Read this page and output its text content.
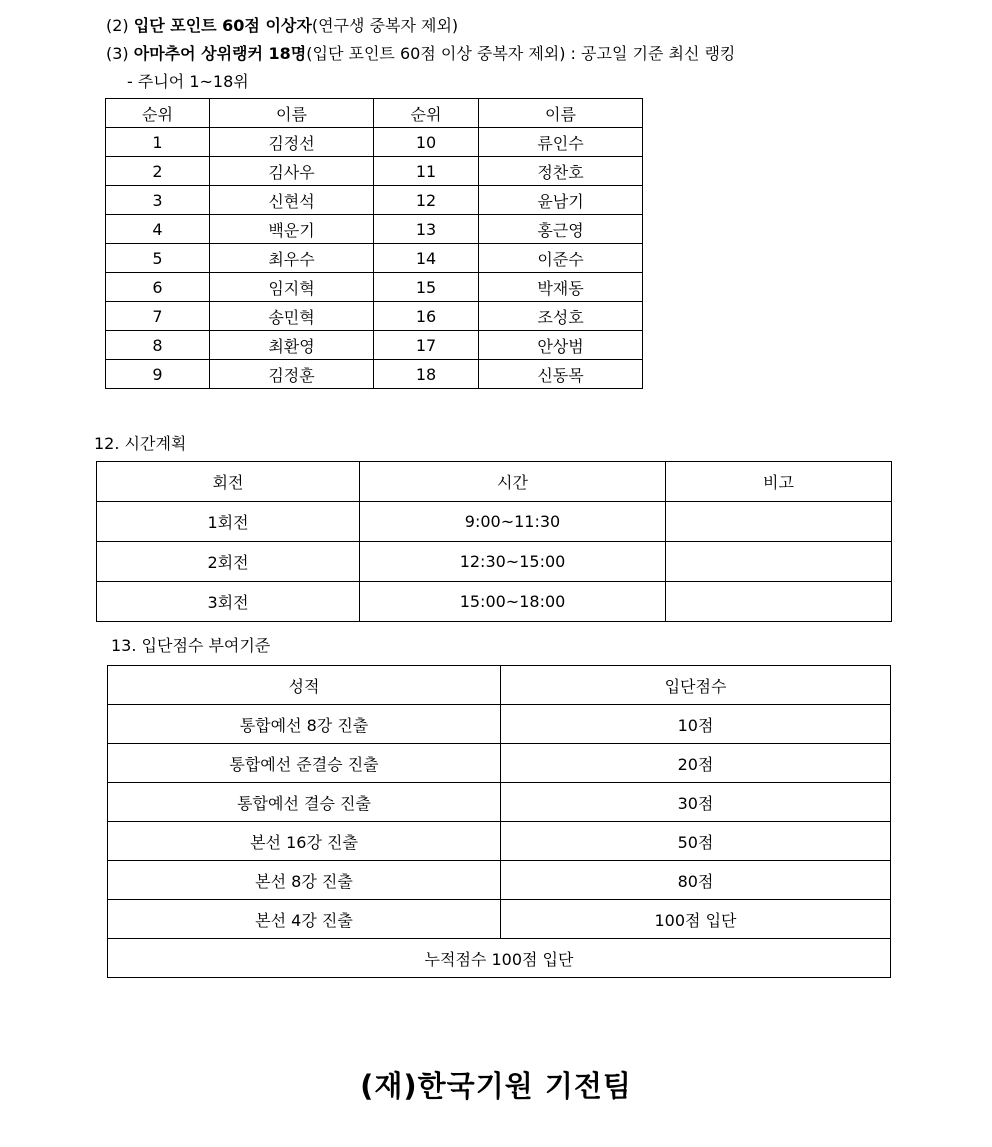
(2) 입단 포인트 60점 이상자(연구생 중복자 제외)
(3) 아마추어 상위랭커 18명(입단 포인트 60점 이상 중복자 제외) : 공고일 기준 최신 랭킹
- 주니어 1~18위
순위	이름	순위	이름
1	김정선	10	류인수
2	김사우	11	정찬호
3	신현석	12	윤남기
4	백운기	13	홍근영
5	최우수	14	이준수
6	임지혁	15	박재동
7	송민혁	16	조성호
8	최환영	17	안상범
9	김정훈	18	신동목
12. 시간계획
회전	시간	비고
1회전	9:00~11:30	
2회전	12:30~15:00	
3회전	15:00~18:00	
13. 입단점수 부여기준
성적	입단점수
통합예선 8강 진출	10점
통합예선 준결승 진출	20점
통합예선 결승 진출	30점
본선 16강 진출	50점
본선 8강 진출	80점
본선 4강 진출	100점 입단
누적점수 100점 입단	
(재)한국기원 기전팀
